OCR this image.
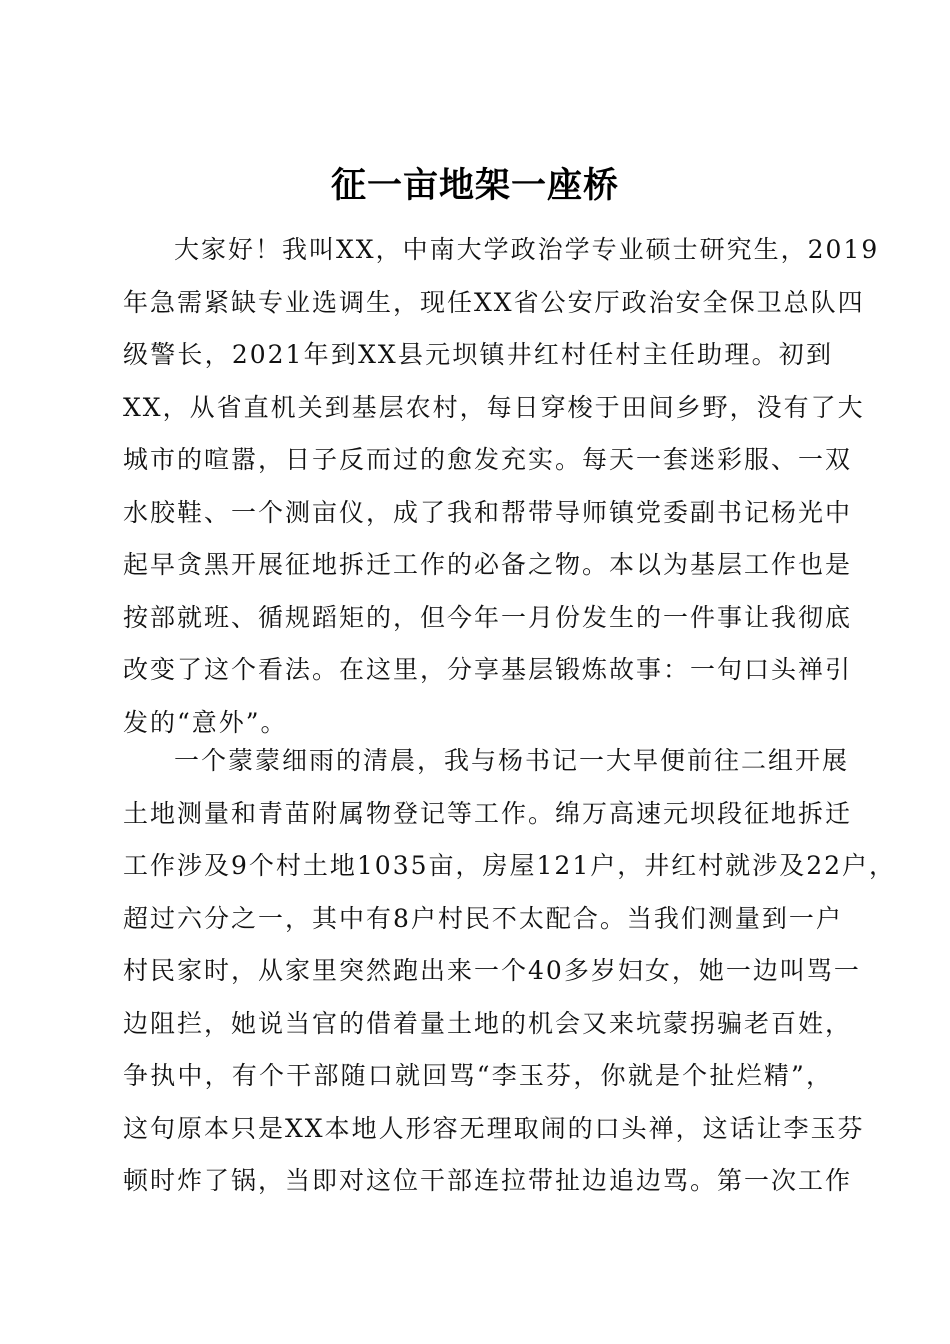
征一亩地架一座桥
大家好！我叫XX，中南大学政治学专业硕士研究生，2019
年急需紧缺专业选调生，现任XX省公安厅政治安全保卫总队四
级警长，2021年到XX县元坝镇井红村任村主任助理。初到
XX，从省直机关到基层农村，每日穿梭于田间乡野，没有了大
城市的喧嚣，日子反而过的愈发充实。每天一套迷彩服、一双
水胶鞋、一个测亩仪，成了我和帮带导师镇党委副书记杨光中
起早贪黑开展征地拆迁工作的必备之物。本以为基层工作也是
按部就班、循规蹈矩的，但今年一月份发生的一件事让我彻底
改变了这个看法。在这里，分享基层锻炼故事：一句口头禅引
发的“意外”。
一个蒙蒙细雨的清晨，我与杨书记一大早便前往二组开展
土地测量和青苗附属物登记等工作。绵万高速元坝段征地拆迁
工作涉及9个村土地1035亩，房屋121户，井红村就涉及22户，
超过六分之一，其中有8户村民不太配合。当我们测量到一户
村民家时，从家里突然跑出来一个40多岁妇女，她一边叫骂一
边阻拦，她说当官的借着量土地的机会又来坑蒙拐骗老百姓，
争执中，有个干部随口就回骂“李玉芬，你就是个扯烂精”，
这句原本只是XX本地人形容无理取闹的口头禅，这话让李玉芬
顿时炸了锅，当即对这位干部连拉带扯边追边骂。第一次工作
